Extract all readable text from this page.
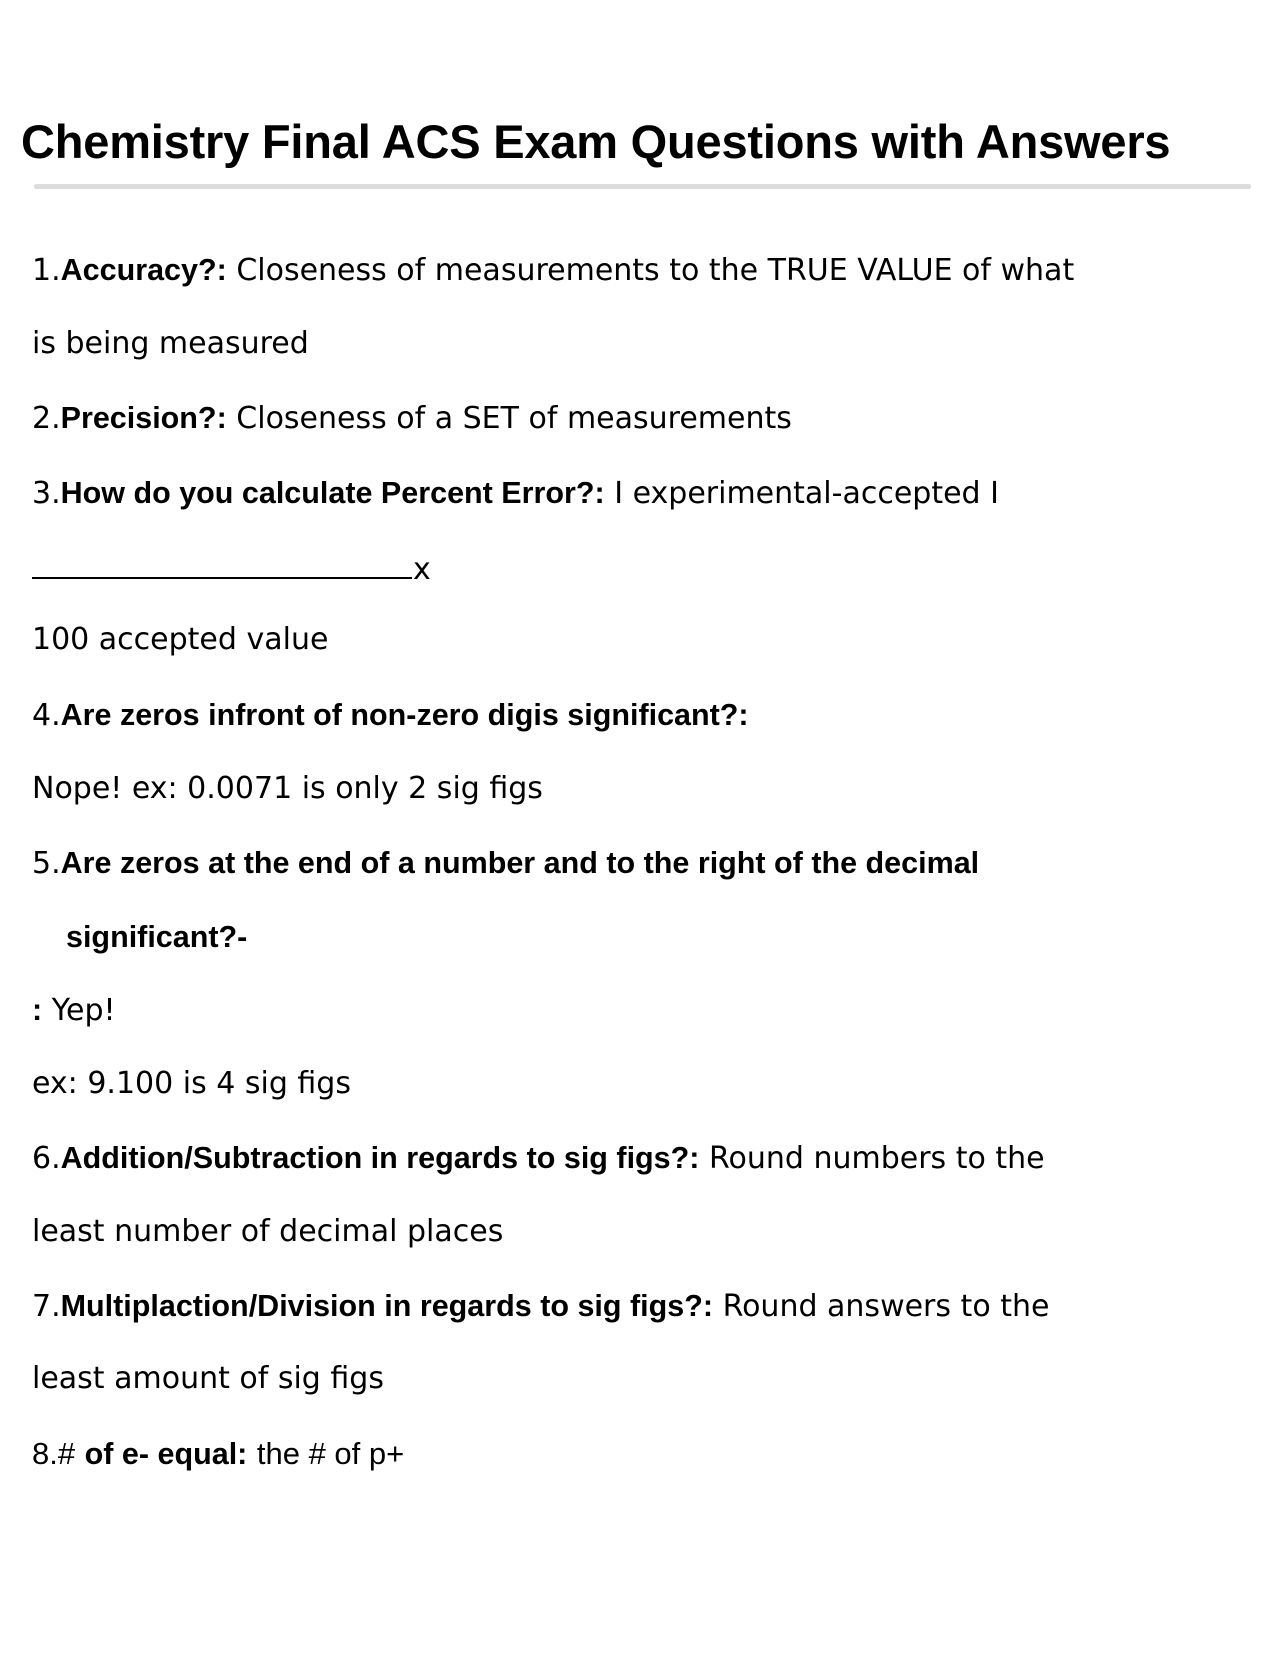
Chemistry Final ACS Exam Questions with Answers
1.Accuracy?: Closeness of measurements to the TRUE VALUE of what
is being measured
2.Precision?: Closeness of a SET of measurements
3.How do you calculate Percent Error?: I experimental-accepted I
x
100 accepted value
4.Are zeros infront of non-zero digis significant?:
Nope! ex: 0.0071 is only 2 sig figs
5.Are zeros at the end of a number and to the right of the decimal
significant?-
: Yep!
ex: 9.100 is 4 sig figs
6.Addition/Subtraction in regards to sig figs?: Round numbers to the
least number of decimal places
7.Multiplaction/Division in regards to sig figs?: Round answers to the
least amount of sig figs
8.# of e- equal: the # of p+
